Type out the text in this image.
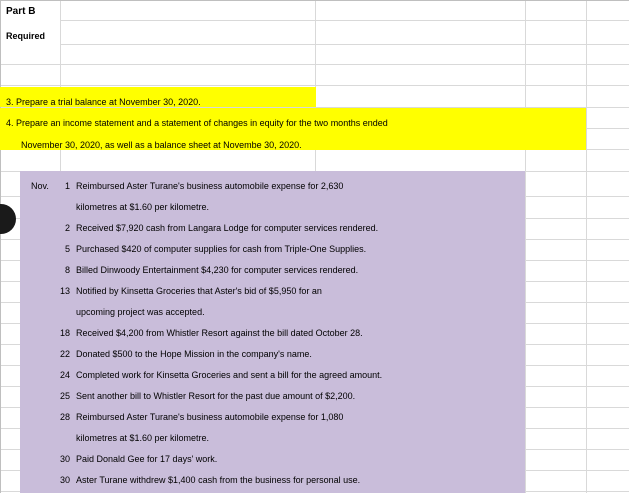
Part B
Required
3. Prepare a trial balance at November 30, 2020.
4. Prepare an income statement and a statement of changes in equity for the two months ended
November 30, 2020, as well as a balance sheet at Novembe 30, 2020.
Nov.	1 Reimbursed Aster Turane's business automobile expense for 2,630
kilometres at $1.60 per kilometre.
2 Received $7,920 cash from Langara Lodge for computer services rendered.
5 Purchased $420 of computer supplies for cash from Triple-One Supplies.
8 Billed Dinwoody Entertainment $4,230 for computer services rendered.
13 Notified by Kinsetta Groceries that Aster's bid of $5,950 for an
upcoming project was accepted.
18 Received $4,200 from Whistler Resort against the bill dated October 28.
22 Donated $500 to the Hope Mission in the company's name.
24 Completed work for Kinsetta Groceries and sent a bill for the agreed amount.
25 Sent another bill to Whistler Resort for the past due amount of $2,200.
28 Reimbursed Aster Turane's business automobile expense for 1,080
kilometres at $1.60 per kilometre.
30 Paid Donald Gee for 17 days' work.
30 Aster Turane withdrew $1,400 cash from the business for personal use.
